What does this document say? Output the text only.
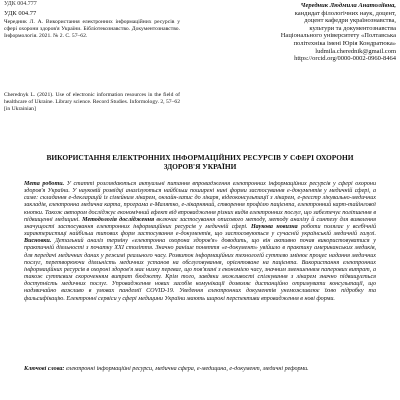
УДК 004.777
УДК 004.77
Чередник Л. А. Використання електронних інформаційних ресурсів у сфері охорони здоров'я України. Бібліотекознавство. Документознавство. Інформологія. 2021. № 2. С. 57–62.
Cherednyk L. (2021). Use of electronic information resources in the field of healthcare of Ukraine. Library science. Record Studies. Informology. 2, 57–62 [in Ukrainian]
Чередник Людмила Анатоліївна,
кандидат філологічних наук, доцент,
доцент кафедри українознавства,
культури та документознавства
Національного університету «Полтавська
політехніка імені Юрія Кондратюка»
ludmila.cherednik@gmail.com
https://orcid.org/0000-0002-0960-8464
ВИКОРИСТАННЯ ЕЛЕКТРОННИХ ІНФОРМАЦІЙНИХ РЕСУРСІВ У СФЕРІ ОХОРОНИ ЗДОРОВ'Я УКРАЇНИ
Мета роботи. У статті розглядаються актуальні питання впровадження електронних інформаційних ресурсів у сфері охорони здоров'я України. У науковій розвідці аналізуються найбільш поширені нині форми застосування е-документів у медичній сфері, а саме: складання е-декларацій із сімейним лікарем, онлайн-запис до лікаря, відеоконсультації з лікарем, е-реєстр лікувально-медичних закладів, електронна медична карта, програма е-Малятко, е-лікарняний, створення профілю пацієнта, електронний карт-тайінгової кнопки. Також автором досліджує економічний ефект від впровадження різних видів електронних послуг, що забезпечує поліпшення в підвищенні медицині. Методологія дослідження включає застосування описового методу, методу аналізу й синтезу для виявлення значущості застосування електронних інформаційних ресурсів у медичній сфері. Наукова новизна роботи полягає у всебічній характеристиці найбільш типових форм застосування е-документів, що застосовуються у сучасній українській медичній галузі. Висновки. Детальний аналіз терміну «електронна охорона здоров'я» доводить, що він активно почав використовуватися у практичній діяльності з початку XXI століття. Значно раніше поняття «е-документ» увійшло в практику американських медиків, для передачі медичних даних у режимі реального часу. Розвиток інформаційних технологій суттєво змінює процес надання медичних послуг, перетворюючи діяльність медичних установ на обслуговування, орієнтоване на пацієнта. Використання електронних інформаційних ресурсів в охороні здоров'я має низку переваг, що пов'язані з економією часу, значним зменшенням паперових витрат, а також суттєвим скороченням витрат бюджету. Крім того, завдяки можливості спілкування з лікарем значно підвищується доступність медичних послуг. Упровадження нових засобів комунікації дозволяє дистанційно отримувати консультації, що надзвичайно важливо в умовах пандемії COVID-19. Уведення електронних документів унеможливлює їхню підробку та фальсифікацію. Електронні сервіси у сфері медицини України мають широкі перспективи впровадження в нові форми.
Ключові слова: електронні інформаційні ресурси, медична сфера, е-медицина, е-документ, медичні реформи.
